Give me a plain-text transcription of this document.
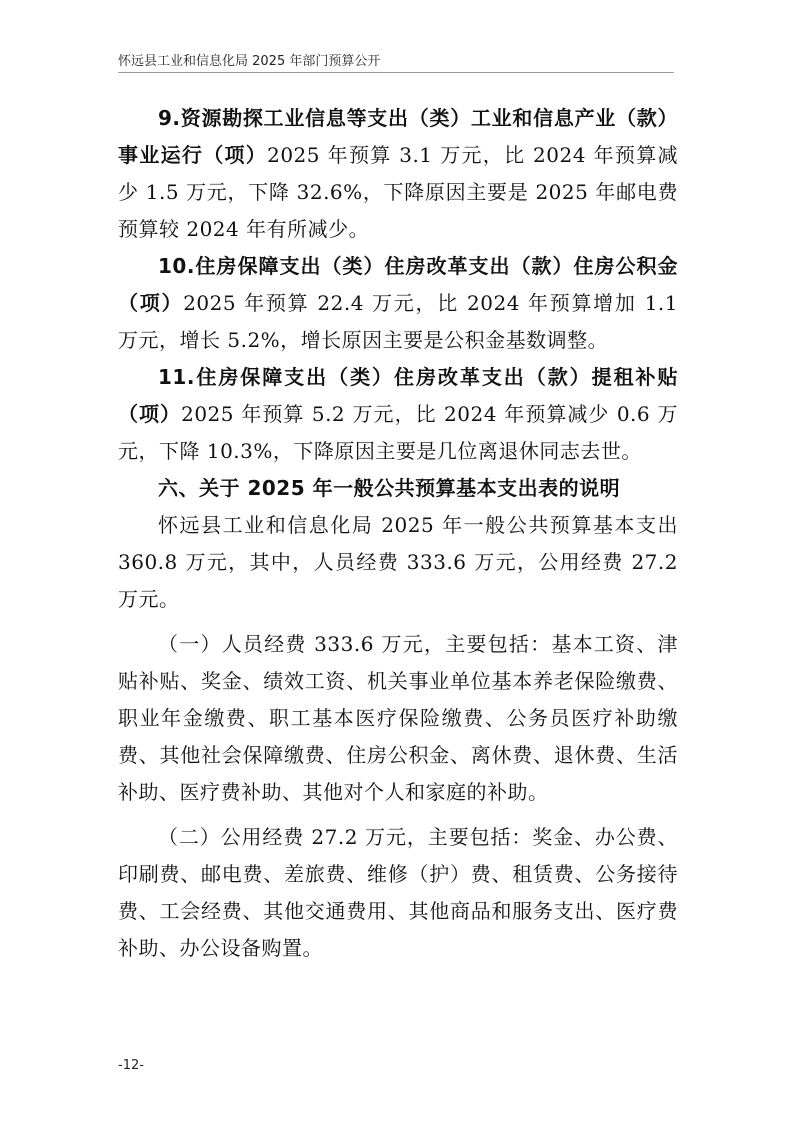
怀远县工业和信息化局 2025 年部门预算公开

9.资源勘探工业信息等支出（类）工业和信息产业（款）事业运行（项）2025 年预算 3.1 万元，比 2024 年预算减少 1.5 万元，下降 32.6%，下降原因主要是 2025 年邮电费预算较 2024 年有所减少。

10.住房保障支出（类）住房改革支出（款）住房公积金（项）2025 年预算 22.4 万元，比 2024 年预算增加 1.1 万元，增长 5.2%，增长原因主要是公积金基数调整。

11.住房保障支出（类）住房改革支出（款）提租补贴（项）2025 年预算 5.2 万元，比 2024 年预算减少 0.6 万元，下降 10.3%，下降原因主要是几位离退休同志去世。

六、关于 2025 年一般公共预算基本支出表的说明

怀远县工业和信息化局 2025 年一般公共预算基本支出 360.8 万元，其中，人员经费 333.6 万元，公用经费 27.2 万元。

（一）人员经费 333.6 万元，主要包括：基本工资、津贴补贴、奖金、绩效工资、机关事业单位基本养老保险缴费、职业年金缴费、职工基本医疗保险缴费、公务员医疗补助缴费、其他社会保障缴费、住房公积金、离休费、退休费、生活补助、医疗费补助、其他对个人和家庭的补助。

（二）公用经费 27.2 万元，主要包括：奖金、办公费、印刷费、邮电费、差旅费、维修（护）费、租赁费、公务接待费、工会经费、其他交通费用、其他商品和服务支出、医疗费补助、办公设备购置。

-12-
